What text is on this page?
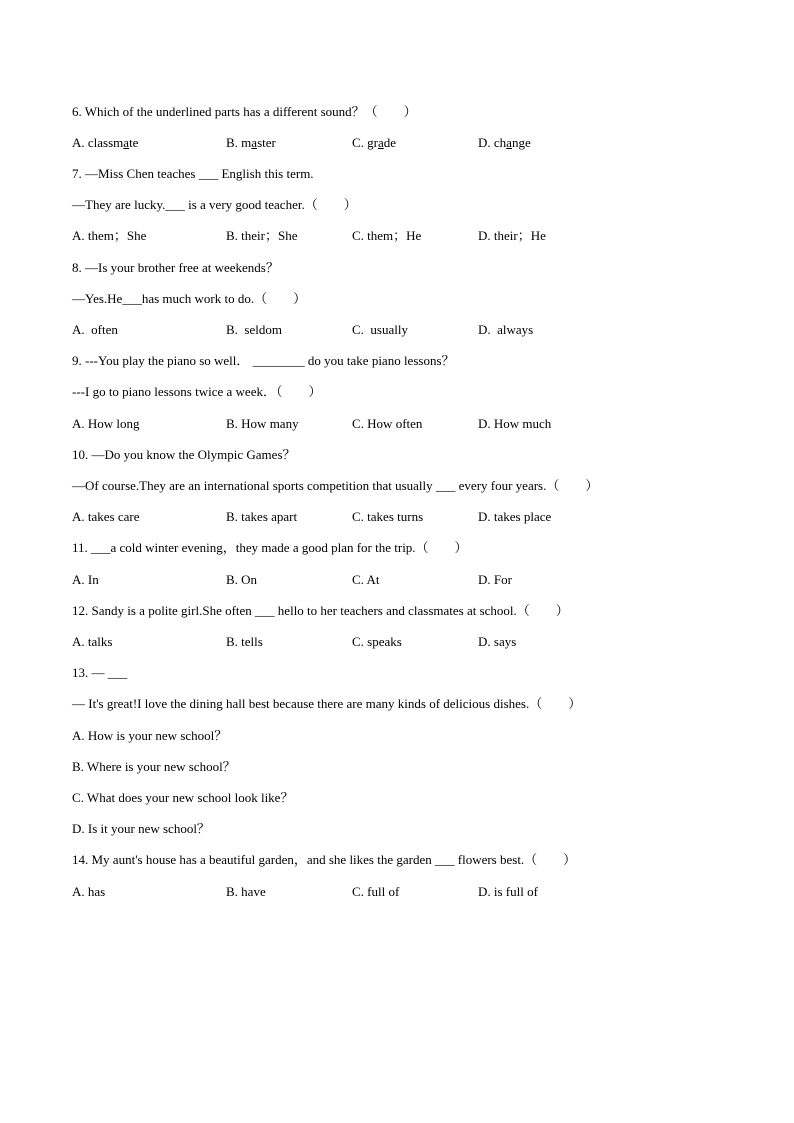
6. Which of the underlined parts has a different sound？（　　）
A. classmate	B. master	C. grade	D. change
7. —Miss Chen teaches ___ English this term.
—They are lucky.___ is a very good teacher.（　　）
A. them；She	B. their；She	C. them；He	D. their；He
8. —Is your brother free at weekends？
—Yes.He___has much work to do.（　　）
A.  often	B.  seldom	C.  usually	D.  always
9. ---You play the piano so well． ________ do you take piano lessons？
---I go to piano lessons twice a week．（　　）
A. How long	B. How many	C. How often	D. How much
10. —Do you know the Olympic Games？
—Of course.They are an international sports competition that usually ___ every four years.（　　）
A. takes care	B. takes apart	C. takes turns	D. takes place
11. ___a cold winter evening，they made a good plan for the trip.（　　）
A. In	B. On	C. At	D. For
12. Sandy is a polite girl.She often ___ hello to her teachers and classmates at school.（　　）
A. talks	B. tells	C. speaks	D. says
13. — ___
— It's great!I love the dining hall best because there are many kinds of delicious dishes.（　　）
A. How is your new school？
B. Where is your new school？
C. What does your new school look like？
D. Is it your new school？
14. My aunt's house has a beautiful garden，and she likes the garden ___ flowers best.（　　）
A. has	B. have	C. full of	D. is full of
